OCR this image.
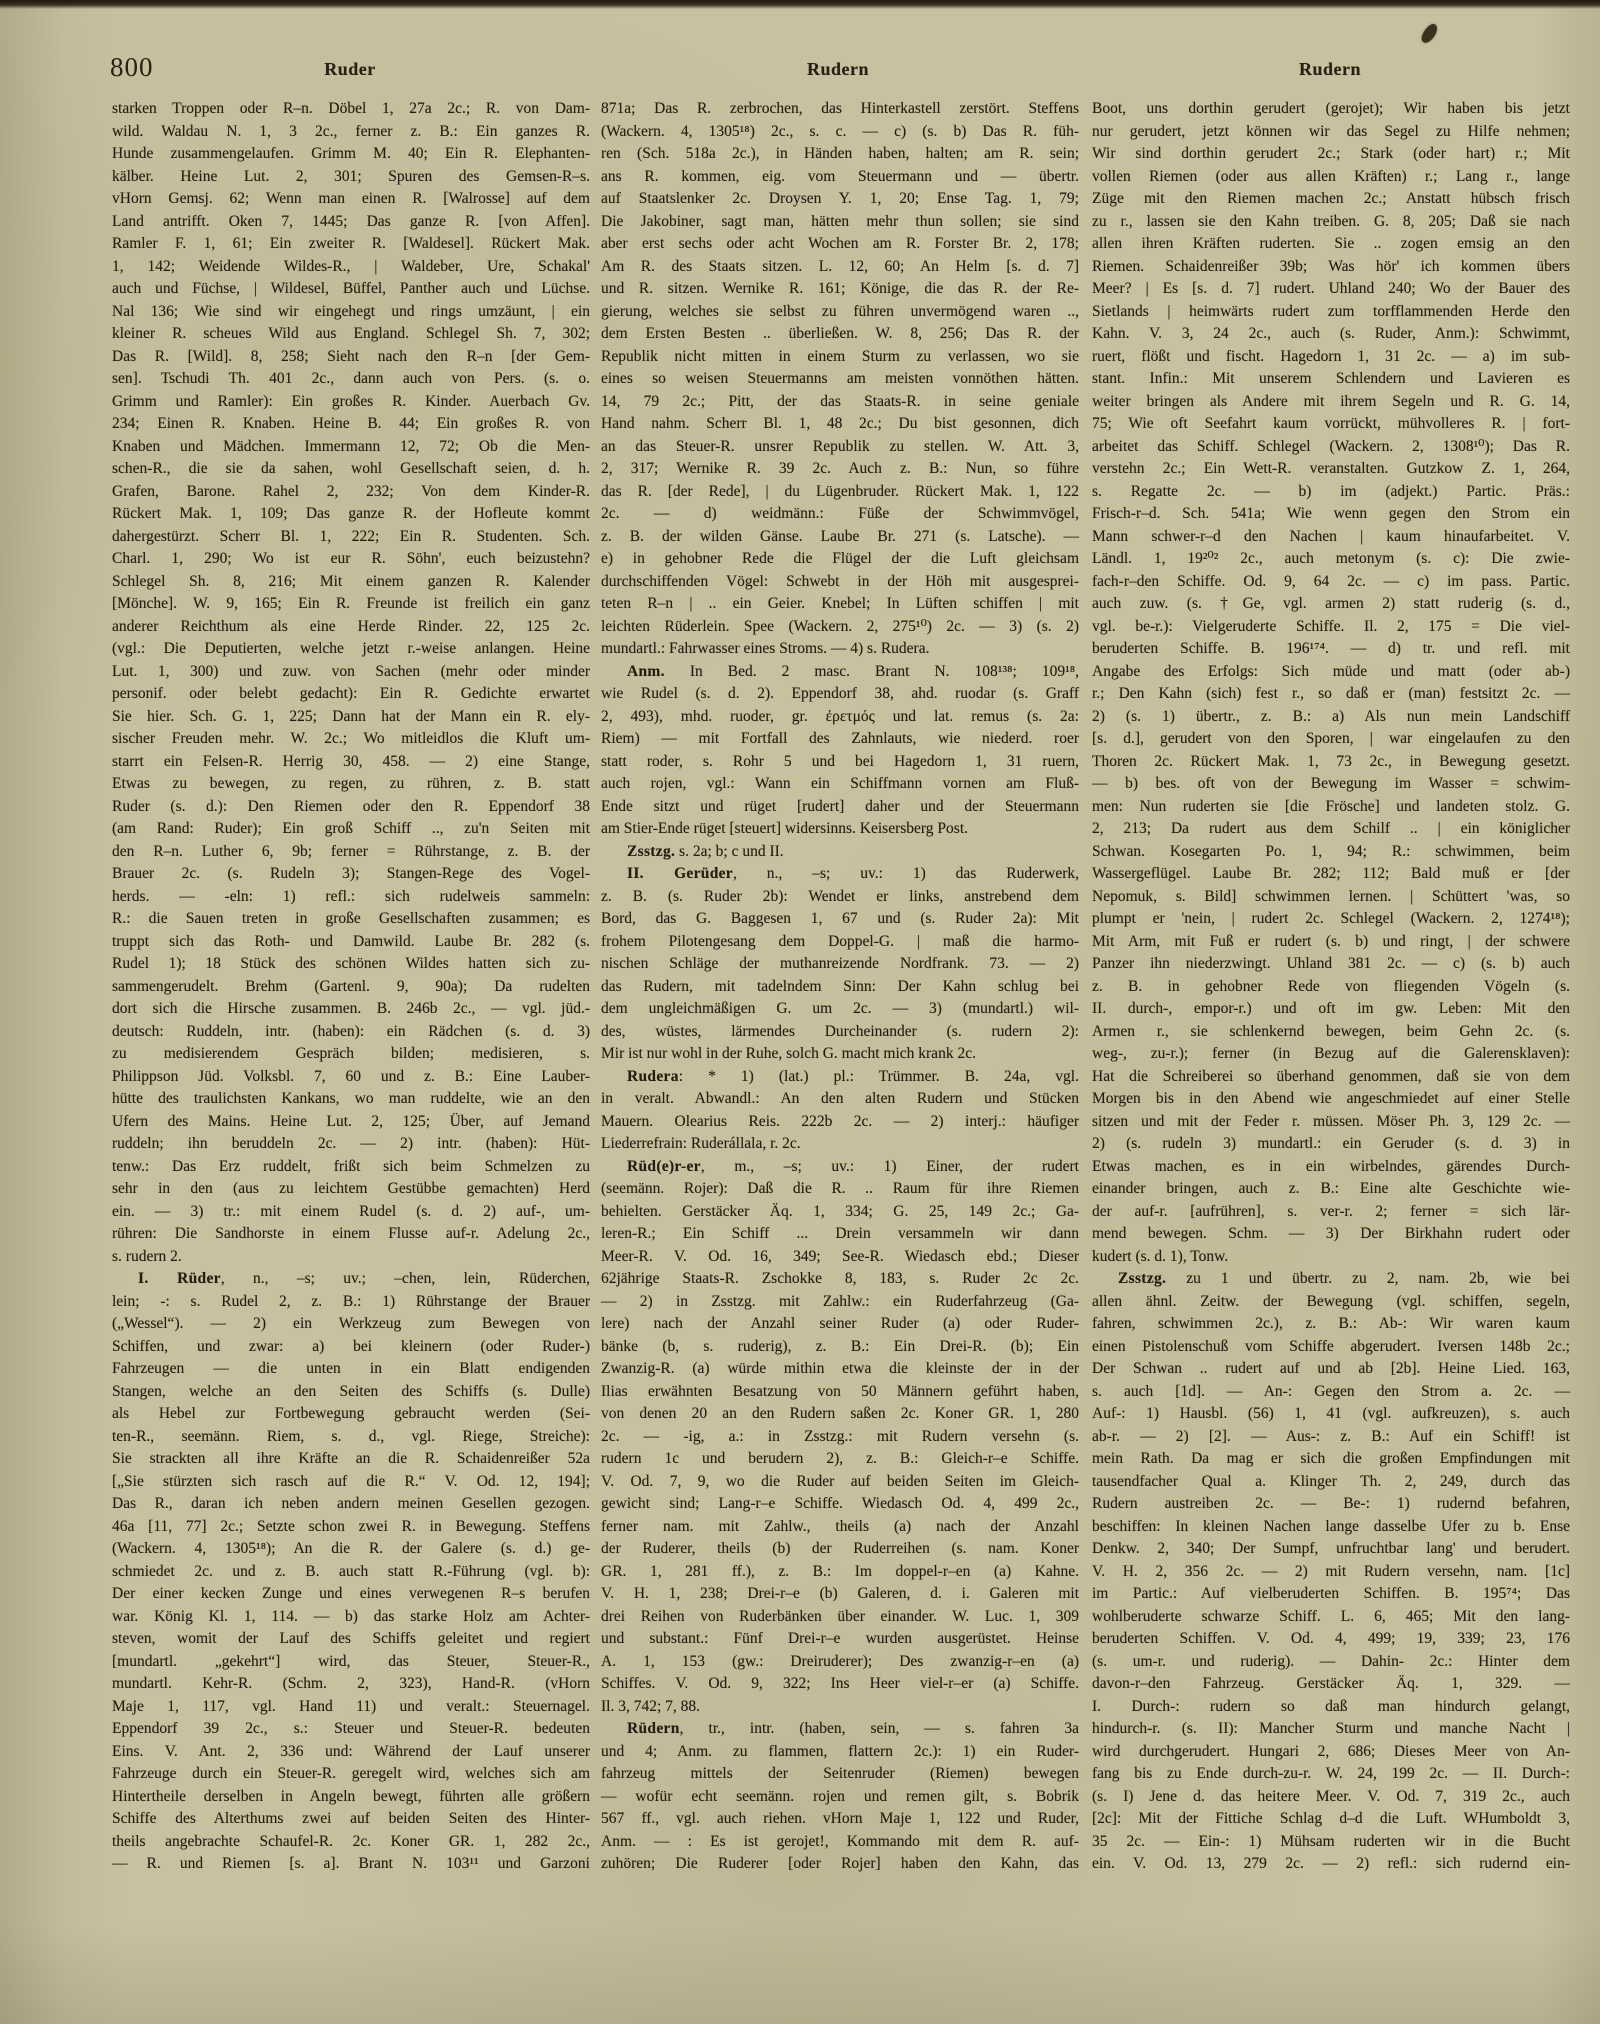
800	Ruder	Rudern	Rudern
starken Troppen oder R–n. Döbel 1, 27a 2c.; R. von Dam-
wild. Waldau N. 1, 3 2c., ferner z. B.: Ein ganzes R.
Hunde zusammengelaufen. Grimm M. 40; Ein R. Elephanten-
kälber. Heine Lut. 2, 301; Spuren des Gemsen-R–s.
vHorn Gemsj. 62; Wenn man einen R. [Walrosse] auf dem
Land antrifft. Oken 7, 1445; Das ganze R. [von Affen].
Ramler F. 1, 61; Ein zweiter R. [Waldesel]. Rückert Mak.
1, 142; Weidende Wildes-R., | Waldeber, Ure, Schakal'
auch und Füchse, | Wildesel, Büffel, Panther auch und Lüchse.
Nal 136; Wie sind wir eingehegt und rings umzäunt, | ein
kleiner R. scheues Wild aus England. Schlegel Sh. 7, 302;
Das R. [Wild]. 8, 258; Sieht nach den R–n [der Gem-
sen]. Tschudi Th. 401 2c., dann auch von Pers. (s. o.
Grimm und Ramler): Ein großes R. Kinder. Auerbach Gv.
234; Einen R. Knaben. Heine B. 44; Ein großes R. von
Knaben und Mädchen. Immermann 12, 72; Ob die Men-
schen-R., die sie da sahen, wohl Gesellschaft seien, d. h.
Grafen, Barone. Rahel 2, 232; Von dem Kinder-R.
Rückert Mak. 1, 109; Das ganze R. der Hofleute kommt
dahergestürzt. Scherr Bl. 1, 222; Ein R. Studenten. Sch.
Charl. 1, 290; Wo ist eur R. Söhn', euch beizustehn?
Schlegel Sh. 8, 216; Mit einem ganzen R. Kalender
[Mönche]. W. 9, 165; Ein R. Freunde ist freilich ein ganz
anderer Reichthum als eine Herde Rinder. 22, 125 2c.
(vgl.: Die Deputierten, welche jetzt r.-weise anlangen. Heine
Lut. 1, 300) und zuw. von Sachen (mehr oder minder
personif. oder belebt gedacht): Ein R. Gedichte erwartet
Sie hier. Sch. G. 1, 225; Dann hat der Mann ein R. ely-
sischer Freuden mehr. W. 2c.; Wo mitleidlos die Kluft um-
starrt ein Felsen-R. Herrig 30, 458. — 2) eine Stange,
Etwas zu bewegen, zu regen, zu rühren, z. B. statt
Ruder (s. d.): Den Riemen oder den R. Eppendorf 38
(am Rand: Ruder); Ein groß Schiff .., zu'n Seiten mit
den R–n. Luther 6, 9b; ferner = Rührstange, z. B. der
Brauer 2c. (s. Rudeln 3); Stangen-Rege des Vogel-
herds. — -eln: 1) refl.: sich rudelweis sammeln:
R.: die Sauen treten in große Gesellschaften zusammen; es
truppt sich das Roth- und Damwild. Laube Br. 282 (s.
Rudel 1); 18 Stück des schönen Wildes hatten sich zu-
sammengerudelt. Brehm (Gartenl. 9, 90a); Da rudelten
dort sich die Hirsche zusammen. B. 246b 2c., — vgl. jüd.-
deutsch: Ruddeln, intr. (haben): ein Rädchen (s. d. 3)
zu medisierendem Gespräch bilden; medisieren, s.
Philippson Jüd. Volksbl. 7, 60 und z. B.: Eine Lauber-
hütte des traulichsten Kankans, wo man ruddelte, wie an den
Ufern des Mains. Heine Lut. 2, 125; Über, auf Jemand
ruddeln; ihn beruddeln 2c. — 2) intr. (haben): Hüt-
tenw.: Das Erz ruddelt, frißt sich beim Schmelzen zu
sehr in den (aus zu leichtem Gestübbe gemachten) Herd
ein. — 3) tr.: mit einem Rudel (s. d. 2) auf-, um-
rühren: Die Sandhorste in einem Flusse auf-r. Adelung 2c.,
s. rudern 2.
I. Rüder, n., –s; uv.; –chen, lein, Rüderchen,
lein; -: s. Rudel 2, z. B.: 1) Rührstange der Brauer
(„Wessel“). — 2) ein Werkzeug zum Bewegen von
Schiffen, und zwar: a) bei kleinern (oder Ruder-)
Fahrzeugen — die unten in ein Blatt endigenden
Stangen, welche an den Seiten des Schiffs (s. Dulle)
als Hebel zur Fortbewegung gebraucht werden (Sei-
ten-R., seemänn. Riem, s. d., vgl. Riege, Streiche):
Sie strackten all ihre Kräfte an die R. Schaidenreißer 52a
[„Sie stürzten sich rasch auf die R.“ V. Od. 12, 194];
Das R., daran ich neben andern meinen Gesellen gezogen.
46a [11, 77] 2c.; Setzte schon zwei R. in Bewegung. Steffens
(Wackern. 4, 1305¹⁸); An die R. der Galere (s. d.) ge-
schmiedet 2c. und z. B. auch statt R.-Führung (vgl. b):
Der einer kecken Zunge und eines verwegenen R–s berufen
war. König Kl. 1, 114. — b) das starke Holz am Achter-
steven, womit der Lauf des Schiffs geleitet und regiert
[mundartl. „gekehrt“] wird, das Steuer, Steuer-R.,
mundartl. Kehr-R. (Schm. 2, 323), Hand-R. (vHorn
Maje 1, 117, vgl. Hand 11) und veralt.: Steuernagel.
Eppendorf 39 2c., s.: Steuer und Steuer-R. bedeuten
Eins. V. Ant. 2, 336 und: Während der Lauf unserer
Fahrzeuge durch ein Steuer-R. geregelt wird, welches sich am
Hintertheile derselben in Angeln bewegt, führten alle größern
Schiffe des Alterthums zwei auf beiden Seiten des Hinter-
theils angebrachte Schaufel-R. 2c. Koner GR. 1, 282 2c.,
— R. und Riemen [s. a]. Brant N. 103¹¹ und Garzoni
871a; Das R. zerbrochen, das Hinterkastell zerstört. Steffens
(Wackern. 4, 1305¹⁸) 2c., s. c. — c) (s. b) Das R. füh-
ren (Sch. 518a 2c.), in Händen haben, halten; am R. sein;
ans R. kommen, eig. vom Steuermann und — übertr.
auf Staatslenker 2c. Droysen Y. 1, 20; Ense Tag. 1, 79;
Die Jakobiner, sagt man, hätten mehr thun sollen; sie sind
aber erst sechs oder acht Wochen am R. Forster Br. 2, 178;
Am R. des Staats sitzen. L. 12, 60; An Helm [s. d. 7]
und R. sitzen. Wernike R. 161; Könige, die das R. der Re-
gierung, welches sie selbst zu führen unvermögend waren ..,
dem Ersten Besten .. überließen. W. 8, 256; Das R. der
Republik nicht mitten in einem Sturm zu verlassen, wo sie
eines so weisen Steuermanns am meisten vonnöthen hätten.
14, 79 2c.; Pitt, der das Staats-R. in seine geniale
Hand nahm. Scherr Bl. 1, 48 2c.; Du bist gesonnen, dich
an das Steuer-R. unsrer Republik zu stellen. W. Att. 3,
2, 317; Wernike R. 39 2c. Auch z. B.: Nun, so führe
das R. [der Rede], | du Lügenbruder. Rückert Mak. 1, 122
2c. — d) weidmänn.: Füße der Schwimmvögel,
z. B. der wilden Gänse. Laube Br. 271 (s. Latsche). —
e) in gehobner Rede die Flügel der die Luft gleichsam
durchschiffenden Vögel: Schwebt in der Höh mit ausgesprei-
teten R–n | .. ein Geier. Knebel; In Lüften schiffen | mit
leichten Rüderlein. Spee (Wackern. 2, 275¹⁰) 2c. — 3) (s. 2)
mundartl.: Fahrwasser eines Stroms. — 4) s. Rudera.
Anm. In Bed. 2 masc. Brant N. 108¹³⁸; 109¹⁸,
wie Rudel (s. d. 2). Eppendorf 38, ahd. ruodar (s. Graff
2, 493), mhd. ruoder, gr. ἐρετμός und lat. remus (s. 2a:
Riem) — mit Fortfall des Zahnlauts, wie niederd. roer
statt roder, s. Rohr 5 und bei Hagedorn 1, 31 ruern,
auch rojen, vgl.: Wann ein Schiffmann vornen am Fluß-
Ende sitzt und rüget [rudert] daher und der Steuermann
am Stier-Ende rüget [steuert] widersinns. Keisersberg Post.
Zsstzg. s. 2a; b; c und II.
II. Gerüder, n., –s; uv.: 1) das Ruderwerk,
z. B. (s. Ruder 2b): Wendet er links, anstrebend dem
Bord, das G. Baggesen 1, 67 und (s. Ruder 2a): Mit
frohem Pilotengesang dem Doppel-G. | maß die harmo-
nischen Schläge der muthanreizende Nordfrank. 73. — 2)
das Rudern, mit tadelndem Sinn: Der Kahn schlug bei
dem ungleichmäßigen G. um 2c. — 3) (mundartl.) wil-
des, wüstes, lärmendes Durcheinander (s. rudern 2):
Mir ist nur wohl in der Ruhe, solch G. macht mich krank 2c.
Rudera: * 1) (lat.) pl.: Trümmer. B. 24a, vgl.
in veralt. Abwandl.: An den alten Rudern und Stücken
Mauern. Olearius Reis. 222b 2c. — 2) interj.: häufiger
Liederrefrain: Ruderállala, r. 2c.
Rüd(e)r-er, m., –s; uv.: 1) Einer, der rudert
(seemänn. Rojer): Daß die R. .. Raum für ihre Riemen
behielten. Gerstäcker Äq. 1, 334; G. 25, 149 2c.; Ga-
leren-R.; Ein Schiff ... Drein versammeln wir dann
Meer-R. V. Od. 16, 349; See-R. Wiedasch ebd.; Dieser
62jährige Staats-R. Zschokke 8, 183, s. Ruder 2c 2c.
— 2) in Zsstzg. mit Zahlw.: ein Ruderfahrzeug (Ga-
lere) nach der Anzahl seiner Ruder (a) oder Ruder-
bänke (b, s. ruderig), z. B.: Ein Drei-R. (b); Ein
Zwanzig-R. (a) würde mithin etwa die kleinste der in der
Ilias erwähnten Besatzung von 50 Männern geführt haben,
von denen 20 an den Rudern saßen 2c. Koner GR. 1, 280
2c. — -ig, a.: in Zsstzg.: mit Rudern versehn (s.
rudern 1c und berudern 2), z. B.: Gleich-r–e Schiffe.
V. Od. 7, 9, wo die Ruder auf beiden Seiten im Gleich-
gewicht sind; Lang-r–e Schiffe. Wiedasch Od. 4, 499 2c.,
ferner nam. mit Zahlw., theils (a) nach der Anzahl
der Ruderer, theils (b) der Ruderreihen (s. nam. Koner
GR. 1, 281 ff.), z. B.: Im doppel-r–en (a) Kahne.
V. H. 1, 238; Drei-r–e (b) Galeren, d. i. Galeren mit
drei Reihen von Ruderbänken über einander. W. Luc. 1, 309
und substant.: Fünf Drei-r–e wurden ausgerüstet. Heinse
A. 1, 153 (gw.: Dreiruderer); Des zwanzig-r–en (a)
Schiffes. V. Od. 9, 322; Ins Heer viel-r–er (a) Schiffe.
Il. 3, 742; 7, 88.
Rüdern, tr., intr. (haben, sein, — s. fahren 3a
und 4; Anm. zu flammen, flattern 2c.): 1) ein Ruder-
fahrzeug mittels der Seitenruder (Riemen) bewegen
— wofür echt seemänn. rojen und remen gilt, s. Bobrik
567 ff., vgl. auch riehen. vHorn Maje 1, 122 und Ruder,
Anm. — : Es ist gerojet!, Kommando mit dem R. auf-
zuhören; Die Ruderer [oder Rojer] haben den Kahn, das
Boot, uns dorthin gerudert (gerojet); Wir haben bis jetzt
nur gerudert, jetzt können wir das Segel zu Hilfe nehmen;
Wir sind dorthin gerudert 2c.; Stark (oder hart) r.; Mit
vollen Riemen (oder aus allen Kräften) r.; Lang r., lange
Züge mit den Riemen machen 2c.; Anstatt hübsch frisch
zu r., lassen sie den Kahn treiben. G. 8, 205; Daß sie nach
allen ihren Kräften ruderten. Sie .. zogen emsig an den
Riemen. Schaidenreißer 39b; Was hör' ich kommen übers
Meer? | Es [s. d. 7] rudert. Uhland 240; Wo der Bauer des
Sietlands | heimwärts rudert zum torfflammenden Herde den
Kahn. V. 3, 24 2c., auch (s. Ruder, Anm.): Schwimmt,
ruert, flößt und fischt. Hagedorn 1, 31 2c. — a) im sub-
stant. Infin.: Mit unserem Schlendern und Lavieren es
weiter bringen als Andere mit ihrem Segeln und R. G. 14,
75; Wie oft Seefahrt kaum vorrückt, mühvolleres R. | fort-
arbeitet das Schiff. Schlegel (Wackern. 2, 1308¹⁰); Das R.
verstehn 2c.; Ein Wett-R. veranstalten. Gutzkow Z. 1, 264,
s. Regatte 2c. — b) im (adjekt.) Partic. Präs.:
Frisch-r–d. Sch. 541a; Wie wenn gegen den Strom ein
Mann schwer-r–d den Nachen | kaum hinaufarbeitet. V.
Ländl. 1, 19²⁰² 2c., auch metonym (s. c): Die zwie-
fach-r–den Schiffe. Od. 9, 64 2c. — c) im pass. Partic.
auch zuw. (s. †Ge, vgl. armen 2) statt ruderig (s. d.,
vgl. be-r.): Vielgeruderte Schiffe. Il. 2, 175 = Die viel-
beruderten Schiffe. B. 196¹⁷⁴. — d) tr. und refl. mit
Angabe des Erfolgs: Sich müde und matt (oder ab-)
r.; Den Kahn (sich) fest r., so daß er (man) festsitzt 2c. —
2) (s. 1) übertr., z. B.: a) Als nun mein Landschiff
[s. d.], gerudert von den Sporen, | war eingelaufen zu den
Thoren 2c. Rückert Mak. 1, 73 2c., in Bewegung gesetzt.
— b) bes. oft von der Bewegung im Wasser = schwim-
men: Nun ruderten sie [die Frösche] und landeten stolz. G.
2, 213; Da rudert aus dem Schilf .. | ein königlicher
Schwan. Kosegarten Po. 1, 94; R.: schwimmen, beim
Wassergeflügel. Laube Br. 282; 112; Bald muß er [der
Nepomuk, s. Bild] schwimmen lernen. | Schüttert 'was, so
plumpt er 'nein, | rudert 2c. Schlegel (Wackern. 2, 1274¹⁸);
Mit Arm, mit Fuß er rudert (s. b) und ringt, | der schwere
Panzer ihn niederzwingt. Uhland 381 2c. — c) (s. b) auch
z. B. in gehobner Rede von fliegenden Vögeln (s.
II. durch-, empor-r.) und oft im gw. Leben: Mit den
Armen r., sie schlenkernd bewegen, beim Gehn 2c. (s.
weg-, zu-r.); ferner (in Bezug auf die Galerensklaven):
Hat die Schreiberei so überhand genommen, daß sie von dem
Morgen bis in den Abend wie angeschmiedet auf einer Stelle
sitzen und mit der Feder r. müssen. Möser Ph. 3, 129 2c. —
2) (s. rudeln 3) mundartl.: ein Geruder (s. d. 3) in
Etwas machen, es in ein wirbelndes, gärendes Durch-
einander bringen, auch z. B.: Eine alte Geschichte wie-
der auf-r. [aufrühren], s. ver-r. 2; ferner = sich lär-
mend bewegen. Schm. — 3) Der Birkhahn rudert oder
kudert (s. d. 1), Tonw.
Zsstzg. zu 1 und übertr. zu 2, nam. 2b, wie bei
allen ähnl. Zeitw. der Bewegung (vgl. schiffen, segeln,
fahren, schwimmen 2c.), z. B.: Ab-: Wir waren kaum
einen Pistolenschuß vom Schiffe abgerudert. Iversen 148b 2c.;
Der Schwan .. rudert auf und ab [2b]. Heine Lied. 163,
s. auch [1d]. — An-: Gegen den Strom a. 2c. —
Auf-: 1) Hausbl. (56) 1, 41 (vgl. aufkreuzen), s. auch
ab-r. — 2) [2]. — Aus-: z. B.: Auf ein Schiff! ist
mein Rath. Da mag er sich die großen Empfindungen mit
tausendfacher Qual a. Klinger Th. 2, 249, durch das
Rudern austreiben 2c. — Be-: 1) rudernd befahren,
beschiffen: In kleinen Nachen lange dasselbe Ufer zu b. Ense
Denkw. 2, 340; Der Sumpf, unfruchtbar lang' und berudert.
V. H. 2, 356 2c. — 2) mit Rudern versehn, nam. [1c]
im Partic.: Auf vielberuderten Schiffen. B. 195⁷⁴; Das
wohlberuderte schwarze Schiff. L. 6, 465; Mit den lang-
beruderten Schiffen. V. Od. 4, 499; 19, 339; 23, 176
(s. um-r. und ruderig). — Dahin- 2c.: Hinter dem
davon-r–den Fahrzeug. Gerstäcker Äq. 1, 329. —
I. Durch-: rudern so daß man hindurch gelangt,
hindurch-r. (s. II): Mancher Sturm und manche Nacht |
wird durchgerudert. Hungari 2, 686; Dieses Meer von An-
fang bis zu Ende durch-zu-r. W. 24, 199 2c. — II. Durch-:
(s. I) Jene d. das heitere Meer. V. Od. 7, 319 2c., auch
[2c]: Mit der Fittiche Schlag d–d die Luft. WHumboldt 3,
35 2c. — Ein-: 1) Mühsam ruderten wir in die Bucht
ein. V. Od. 13, 279 2c. — 2) refl.: sich rudernd ein-
